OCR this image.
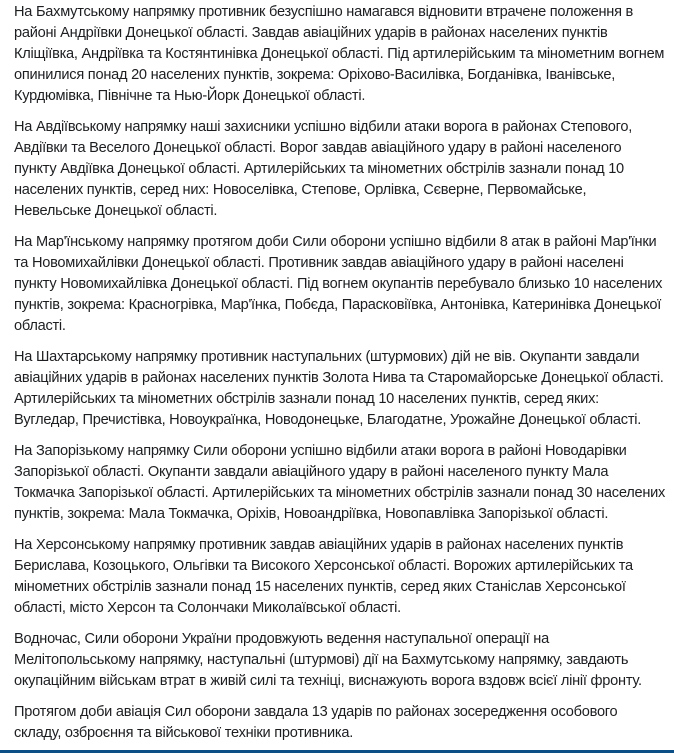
На Бахмутському напрямку противник безуспішно намагався відновити втрачене положення в районі Андріївки Донецької області. Завдав авіаційних ударів в районах населених пунктів Кліщіївка, Андріївка та Костянтинівка Донецької області. Під артилерійським та мінометним вогнем опинилися понад 20 населених пунктів, зокрема: Оріхово-Василівка, Богданівка, Іванівське, Курдюмівка, Північне та Нью-Йорк Донецької області.

На Авдіївському напрямку наші захисники успішно відбили атаки ворога в районах Степового, Авдіївки та Веселого Донецької області. Ворог завдав авіаційного удару в районі населеного пункту Авдіївка Донецької області. Артилерійських та мінометних обстрілів зазнали понад 10 населених пунктів, серед них: Новоселівка, Степове, Орлівка, Сєверне, Первомайське, Невельське Донецької області.

На Мар'їнському напрямку протягом доби Сили оборони успішно відбили 8 атак в районі Мар'їнки та Новомихайлівки Донецької області. Противник завдав авіаційного удару в районі населені пункту Новомихайлівка Донецької області. Під вогнем окупантів перебувало близько 10 населених пунктів, зокрема: Красногрівка, Мар'їнка, Побєда, Парасковіївка, Антонівка, Катеринівка Донецької області.

На Шахтарському напрямку противник наступальних (штурмових) дій не вів. Окупанти завдали авіаційних ударів в районах населених пунктів Золота Нива та Старомайорське Донецької області. Артилерійських та мінометних обстрілів зазнали понад 10 населених пунктів, серед яких: Вугледар, Пречистівка, Новоукраїнка, Новодонецьке, Благодатне, Урожайне Донецької області.

На Запорізькому напрямку Сили оборони успішно відбили атаки ворога в районі Новодарівки Запорізької області. Окупанти завдали авіаційного удару в районі населеного пункту Мала Токмачка Запорізької області. Артилерійських та мінометних обстрілів зазнали понад 30 населених пунктів, зокрема: Мала Токмачка, Оріхів, Новоандріївка, Новопавлівка Запорізької області.

На Херсонському напрямку противник завдав авіаційних ударів в районах населених пунктів Берислава, Козоцького, Ольгівки та Високого Херсонської області. Ворожих артилерійських та мінометних обстрілів зазнали понад 15 населених пунктів, серед яких Станіслав Херсонської області, місто Херсон та Солончаки Миколаївської області.

Водночас, Сили оборони України продовжують ведення наступальної операції на Мелітопольському напрямку, наступальні (штурмові) дії на Бахмутському напрямку, завдають окупаційним військам втрат в живій силі та техніці, виснажують ворога вздовж всієї лінії фронту.

Протягом доби авіація Сил оборони завдала 13 ударів по районах зосередження особового складу, озброєння та військової техніки противника.
